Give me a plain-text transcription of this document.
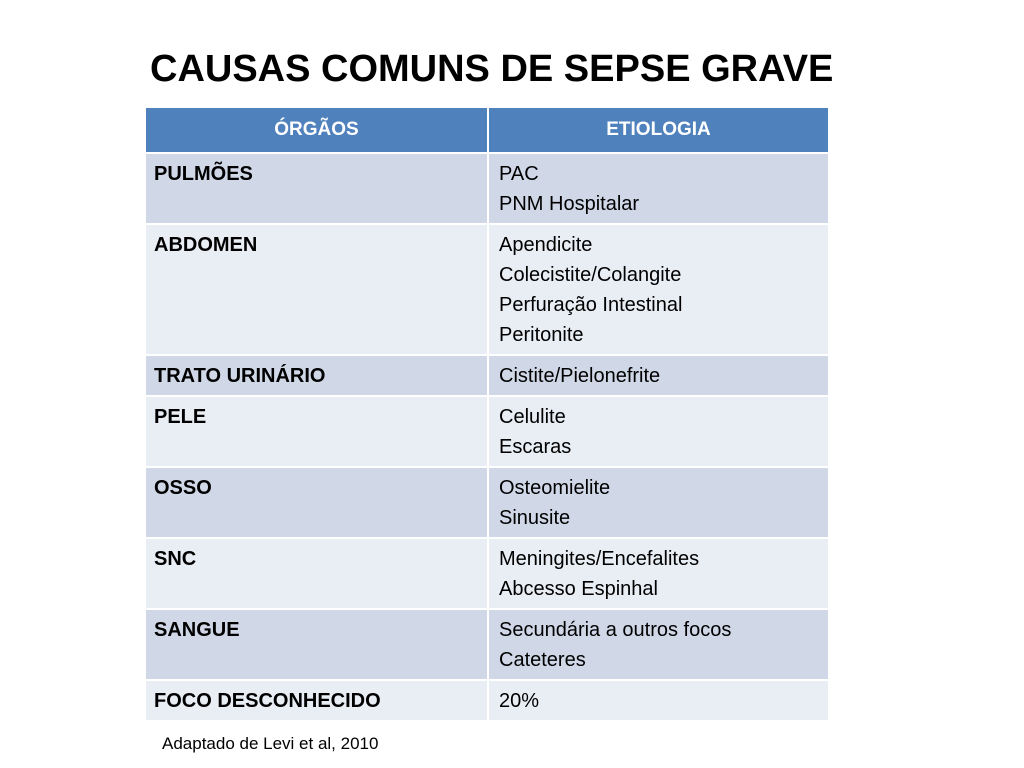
CAUSAS COMUNS DE SEPSE GRAVE
ÓRGÃOS	ETIOLOGIA
PULMÕES	PAC
PNM Hospitalar

ABDOMEN	Apendicite
Colecistite/Colangite
Perfuração Intestinal
Peritonite

TRATO URINÁRIO	Cistite/Pielonefrite

PELE	Celulite
Escaras

OSSO	Osteomielite
Sinusite

SNC	Meningites/Encefalites
Abcesso Espinhal

SANGUE	Secundária a outros focos
Cateteres

FOCO DESCONHECIDO	20%
Adaptado de Levi et al, 2010
